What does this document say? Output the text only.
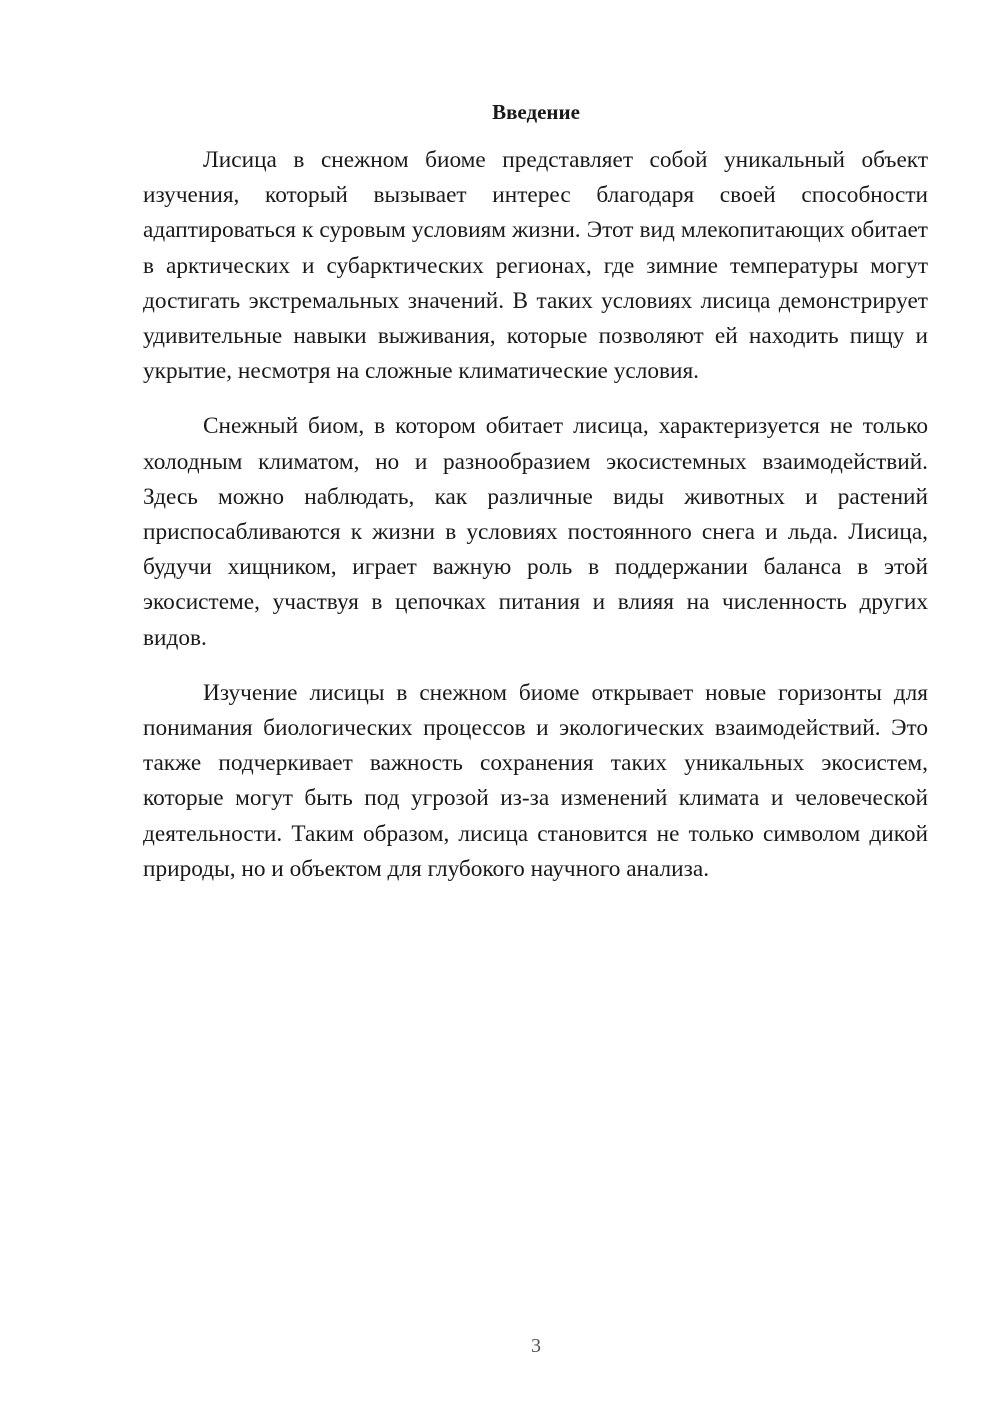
Введение

Лисица в снежном биоме представляет собой уникальный объект изучения, который вызывает интерес благодаря своей способности адаптироваться к суровым условиям жизни. Этот вид млекопитающих обитает в арктических и субарктических регионах, где зимние температуры могут достигать экстремальных значений. В таких условиях лисица демонстрирует удивительные навыки выживания, которые позволяют ей находить пищу и укрытие, несмотря на сложные климатические условия.

Снежный биом, в котором обитает лисица, характеризуется не только холодным климатом, но и разнообразием экосистемных взаимодействий. Здесь можно наблюдать, как различные виды животных и растений приспосабливаются к жизни в условиях постоянного снега и льда. Лисица, будучи хищником, играет важную роль в поддержании баланса в этой экосистеме, участвуя в цепочках питания и влияя на численность других видов.

Изучение лисицы в снежном биоме открывает новые горизонты для понимания биологических процессов и экологических взаимодействий. Это также подчеркивает важность сохранения таких уникальных экосистем, которые могут быть под угрозой из-за изменений климата и человеческой деятельности. Таким образом, лисица становится не только символом дикой природы, но и объектом для глубокого научного анализа.

3
